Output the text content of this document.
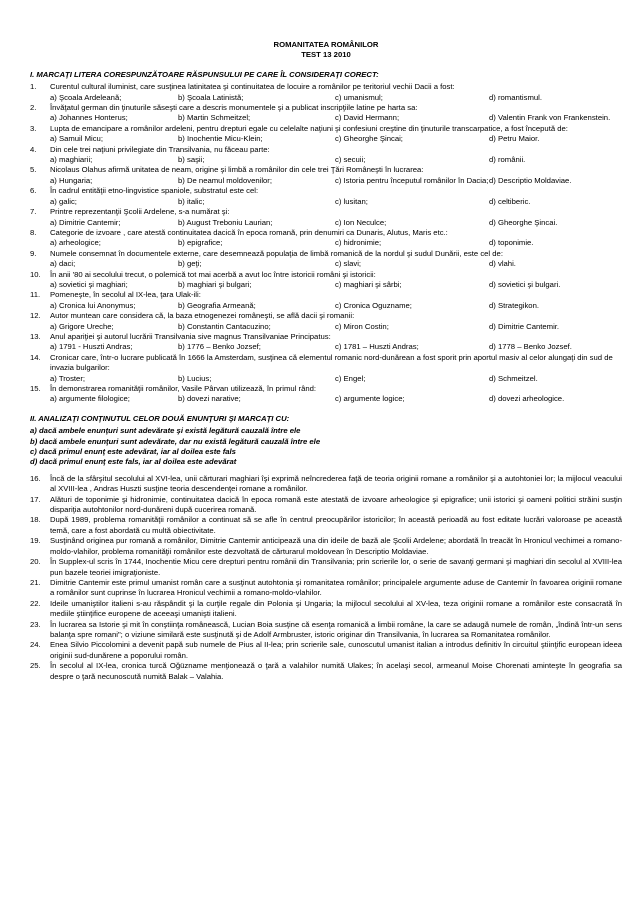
ROMANITATEA ROMÂNILOR
TEST 13 2010
I. MARCAŢI LITERA CORESPUNZĂTOARE RĂSPUNSULUI PE CARE ÎL CONSIDERAŢI CORECT:
1.	Curentul cultural iluminist, care susţinea latinitatea şi continuitatea de locuire a românilor pe teritoriul vechii Dacii a fost:
a) Şcoala Ardeleană;	b) Şcoala Latinistă;	c) umanismul;	d) romantismul.
2.	Învăţatul german din ţinuturile săseşti care a descris monumentele şi a publicat inscripţiile latine pe harta sa:
a) Johannes Honterus;	b) Martin Schmeitzel;	c) David Hermann;	d) Valentin Frank von Frankenstein.
3.	Lupta de emancipare a românilor ardeleni, pentru drepturi egale cu celelalte naţiuni şi confesiuni creştine din ţinuturile transcarpatice, a fost începută de:
a) Samuil Micu;	b) Inochentie Micu-Klein;	c) Gheorghe Şincai;	d) Petru Maior.
4.	Din cele trei naţiuni privilegiate din Transilvania, nu făceau parte:
a) maghiarii;	b) saşii;	c) secuii;	d) românii.
5.	Nicolaus Olahus afirmă unitatea de neam, origine şi limbă a românilor din cele trei Ţări Româneşti în lucrarea:
a) Hungaria;	b) De neamul moldovenilor;	c) Istoria pentru începutul românilor în Dacia; d) Descriptio Moldaviae.
6.	În cadrul entităţii etno-lingvistice spaniole, substratul este cel:
a) galic;	b) italic;	c) lusitan;	d) celtiberic.
7.	Printre reprezentanţii Şcolii Ardelene, s-a numărat şi:
a) Dimitrie Cantemir;	b) August Treboniu Laurian;	c) Ion Neculce;	d) Gheorghe Şincai.
8.	Categorie de izvoare , care atestă continuitatea dacică în epoca romană, prin denumiri ca Dunaris, Alutus, Maris etc.:
a) arheologice;	b) epigrafice;	c) hidronimie;	d) toponimie.
9.	Numele consemnat în documentele externe, care desemnează populaţia de limbă romanică de la nordul şi sudul Dunării, este cel de:
a) daci;	b) geţi;	c) slavi;	d) vlahi.
10.	În anii '80 ai secolului trecut, o polemică tot mai acerbă a avut loc între istoricii români şi istoricii:
a) sovietici şi maghiari;	b) maghiari şi bulgari;	c) maghiari şi sârbi;	d) sovietici şi bulgari.
11.	Pomeneşte, în secolul al IX-lea, ţara Ulak-ili:
a) Cronica lui Anonymus;	b) Geografia Armeană;	c) Cronica Oguzname;	d) Strategikon.
12.	Autor muntean care considera că, la baza etnogenezei româneşti, se află dacii şi romanii:
a) Grigore Ureche;	b) Constantin Cantacuzino;	c) Miron Costin;	d) Dimitrie Cantemir.
13.	Anul apariţiei şi autorul lucrării Transilvania sive magnus Transilvaniae Principatus:
a) 1791 - Huszti Andras;	b) 1776 – Benko Jozsef;	c) 1781 – Huszti Andras;	d) 1778 – Benko Jozsef.
14.	Cronicar care, într-o lucrare publicată în 1666 la Amsterdam, susţinea că elementul romanic nord-dunărean a fost sporit prin aportul masiv al celor alungaţi din sud de invazia bulgarilor:
a) Troster;	b) Lucius;	c) Engel;	d) Schmeitzel.
15.	În demonstrarea romanităţii românilor, Vasile Pârvan utilizează, în primul rând:
a) argumente filologice;	b) dovezi narative;	c) argumente logice;	d) dovezi arheologice.
II. ANALIZAŢI CONŢINUTUL CELOR DOUĂ ENUNŢURI ŞI MARCAŢI CU:
a) dacă ambele enunţuri sunt adevărate şi există legătură cauzală între ele
b) dacă ambele enunţuri sunt adevărate, dar nu există legătură cauzală între ele
c) dacă primul enunţ este adevărat, iar al doilea este fals
d) dacă primul enunţ este fals, iar al doilea este adevărat
16.	Încă de la sfârşitul secolului al XVI-lea, unii cărturari maghiari îşi exprimă neîncrederea faţă de teoria originii romane a românilor şi a autohtoniei lor; la mijlocul veacului al XVIII-lea , Andras Huszti susţine teoria descendenţei romane a românilor.
17.	Alături de toponimie şi hidronimie, continuitatea dacică în epoca romană este atestată de izvoare arheologice şi epigrafice; unii istorici şi oameni politici străini susţin dispariţia autohtonilor nord-dunăreni după cucerirea romană.
18.	După 1989, problema romanităţii românilor a continuat să se afle în centrul preocupărilor istoricilor; în această perioadă au fost editate lucrări valoroase pe această temă, care a fost abordată cu multă obiectivitate.
19.	Susţinând originea pur romană a românilor, Dimitrie Cantemir anticipează una din ideile de bază ale Şcolii Ardelene; abordată în treacăt în Hronicul vechimei a romano-moldo-vlahilor, problema romanităţii românilor este dezvoltată de cărturarul moldovean în Descriptio Moldaviae.
20.	În Supplex-ul scris în 1744, Inochentie Micu cere drepturi pentru românii din Transilvania; prin scrierile lor, o serie de savanţi germani şi maghiari din secolul al XVIII-lea pun bazele teoriei imigraţioniste.
21.	Dimitrie Cantemir este primul umanist român care a susţinut autohtonia şi romanitatea românilor; principalele argumente aduse de Cantemir în favoarea originii romane a românilor sunt cuprinse în lucrarea Hronicul vechimii a romano-moldo-vlahilor.
22.	Ideile umaniştilor italieni s-au răspândit şi la curţile regale din Polonia şi Ungaria; la mijlocul secolului al XV-lea, teza originii romane a românilor este consacrată în mediile ştiinţifice europene de aceeaşi umanişti italieni.
23.	În lucrarea sa Istorie şi mit în conştiinţa românească, Lucian Boia susţine că esenţa romanică a limbii române, la care se adaugă numele de român, „îndină într-un sens balanţa spre romani"; o viziune similară este susţinută şi de Adolf Armbruster, istoric originar din Transilvania, în lucrarea sa Romanitatea românilor.
24.	Enea Silvio Piccolomini a devenit papă sub numele de Pius al II-lea; prin scrierile sale, cunoscutul umanist italian a introdus definitiv în circuitul ştiinţific european ideea originii sud-dunărene a poporului român.
25.	În secolul al IX-lea, cronica turcă Oğüzname menţionează o ţară a valahilor numită Ulakes; în acelaşi secol, armeanul Moise Chorenati aminteşte în geografia sa despre o ţară necunoscută numită Balak – Valahia.
